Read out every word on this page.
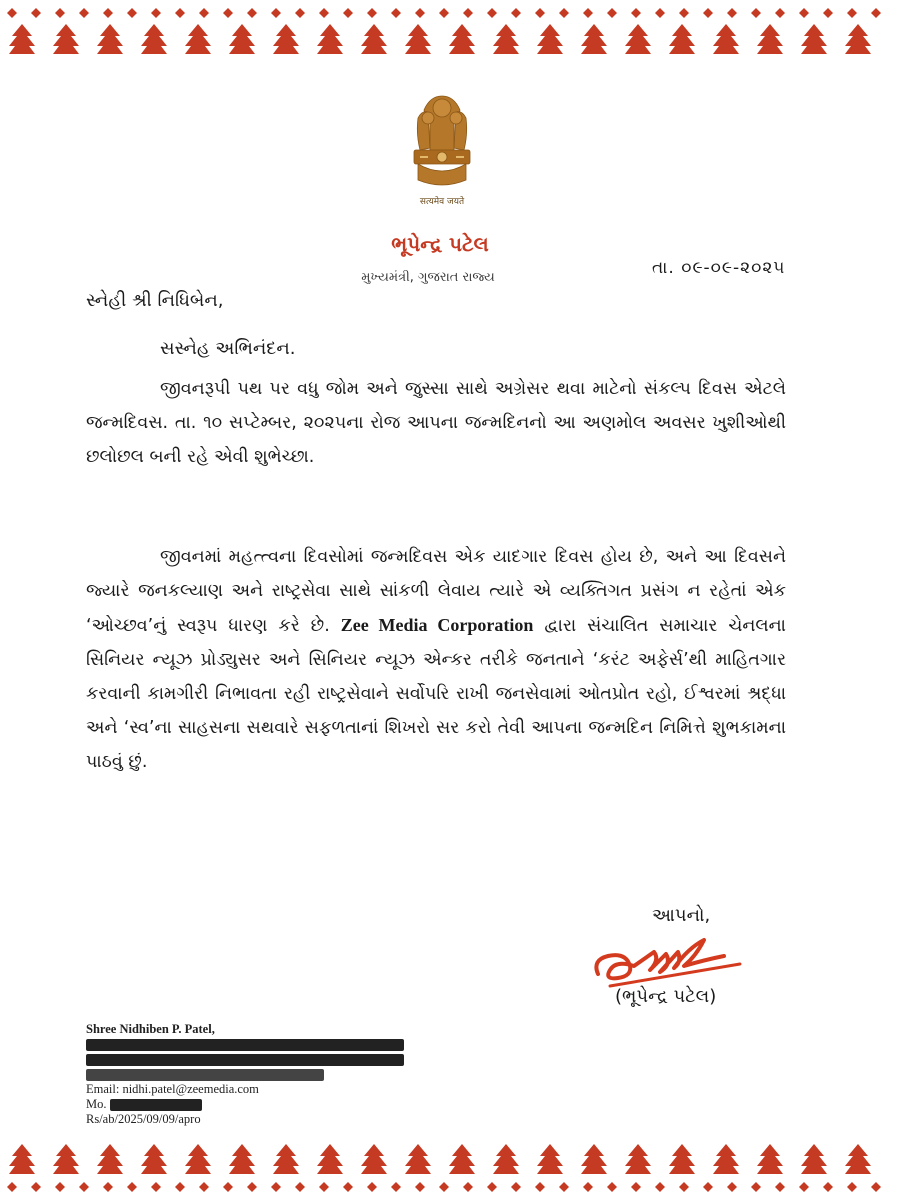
सत्यमेव जयते
ભૂપેન્દ્ર પટેલ
મુખ્યમંત્રી, ગુજરાત રાજ્ય	તા. ૦૯-૦૯-૨૦૨૫
સ્નેહી શ્રી નિધિબેન,
સસ્નેહ અભિનંદન.
જીવનરૂપી પથ પર વધુ જોમ અને જુસ્સા સાથે અગ્રેસર થવા માટેનો સંકલ્પ દિવસ એટલે જન્મદિવસ. તા. ૧૦ સપ્ટેમ્બર, ૨૦૨૫ના રોજ આપના જન્મદિનનો આ અણમોલ અવસર ખુશીઓથી છલોછલ બની રહે એવી શુભેચ્છા.
જીવનમાં મહત્ત્વના દિવસોમાં જન્મદિવસ એક યાદગાર દિવસ હોય છે, અને આ દિવસને જ્યારે જનકલ્યાણ અને રાષ્ટ્રસેવા સાથે સાંકળી લેવાય ત્યારે એ વ્યક્તિગત પ્રસંગ ન રહેતાં એક ‘ઓચ્છવ’નું સ્વરૂપ ધારણ કરે છે. Zee Media Corporation દ્વારા સંચાલિત સમાચાર ચેનલના સિનિયર ન્યૂઝ પ્રોડ્યુસર અને સિનિયર ન્યૂઝ એન્કર તરીકે જનતાને ‘કરંટ અફેર્સ’થી માહિતગાર કરવાની કામગીરી નિભાવતા રહી રાષ્ટ્રસેવાને સર્વોપરિ રાખી જનસેવામાં ઓતપ્રોત રહો, ઈશ્વરમાં શ્રદ્ધા અને ‘સ્વ’ના સાહસના સથવારે સફળતાનાં શિખરો સર કરો તેવી આપના જન્મદિન નિમિત્તે શુભકામના પાઠવું છું.
આપનો,
(ભૂપેન્દ્ર પટેલ)
Shree Nidhiben P. Patel,
Email: nidhi.patel@zeemedia.com
Mo.
Rs/ab/2025/09/09/apro
